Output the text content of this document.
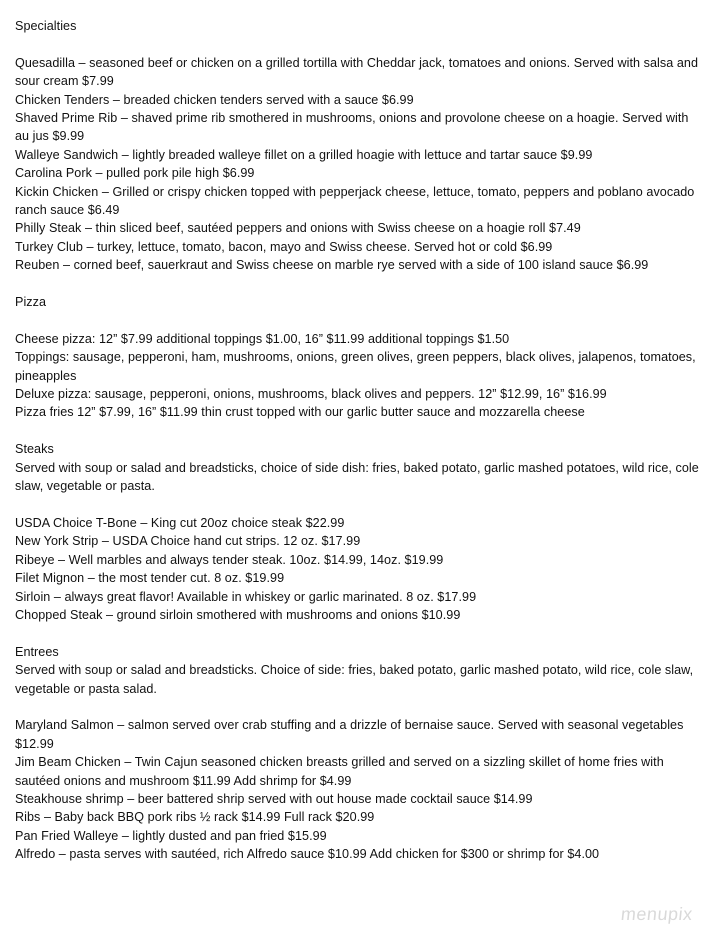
Specialties

Quesadilla – seasoned beef or chicken on a grilled tortilla with Cheddar jack, tomatoes and onions. Served with salsa and sour cream $7.99

Chicken Tenders – breaded chicken tenders served with a sauce $6.99

Shaved Prime Rib – shaved prime rib smothered in mushrooms, onions and provolone cheese on a hoagie. Served with au jus $9.99

Walleye Sandwich – lightly breaded walleye fillet on a grilled hoagie with lettuce and tartar sauce $9.99

Carolina Pork – pulled pork pile high $6.99

Kickin Chicken – Grilled or crispy chicken topped with pepperjack cheese, lettuce, tomato, peppers and poblano avocado ranch sauce $6.49

Philly Steak – thin sliced beef, sautéed peppers and onions with Swiss cheese on a hoagie roll $7.49

Turkey Club – turkey, lettuce, tomato, bacon, mayo and Swiss cheese. Served hot or cold $6.99

Reuben – corned beef, sauerkraut and Swiss cheese on marble rye served with a side of 100 island sauce $6.99

Pizza

Cheese pizza: 12” $7.99 additional toppings $1.00, 16” $11.99 additional toppings $1.50

Toppings: sausage, pepperoni, ham, mushrooms, onions, green olives, green peppers, black olives, jalapenos, tomatoes, pineapples

Deluxe pizza: sausage, pepperoni, onions, mushrooms, black olives and peppers. 12” $12.99, 16” $16.99

Pizza fries 12” $7.99, 16” $11.99 thin crust topped with our garlic butter sauce and mozzarella cheese

Steaks

Served with soup or salad and breadsticks, choice of side dish: fries, baked potato, garlic mashed potatoes, wild rice, cole slaw, vegetable or pasta.

USDA Choice T-Bone – King cut 20oz choice steak $22.99

New York Strip – USDA Choice hand cut strips. 12 oz. $17.99

Ribeye – Well marbles and always tender steak. 10oz. $14.99, 14oz. $19.99

Filet Mignon – the most tender cut. 8 oz. $19.99

Sirloin – always great flavor! Available in whiskey or garlic marinated. 8 oz. $17.99

Chopped Steak – ground sirloin smothered with mushrooms and onions $10.99

Entrees

Served with soup or salad and breadsticks. Choice of side: fries, baked potato, garlic mashed potato, wild rice, cole slaw, vegetable or pasta salad.

Maryland Salmon – salmon served over crab stuffing and a drizzle of bernaise sauce. Served with seasonal vegetables $12.99

Jim Beam Chicken – Twin Cajun seasoned chicken breasts grilled and served on a sizzling skillet of home fries with sautéed onions and mushroom $11.99 Add shrimp for $4.99

Steakhouse shrimp – beer battered shrip served with out house made cocktail sauce $14.99

Ribs – Baby back BBQ pork ribs ½ rack $14.99 Full rack $20.99

Pan Fried Walleye – lightly dusted and pan fried $15.99

Alfredo – pasta serves with sautéed, rich Alfredo sauce $10.99 Add chicken for $300 or shrimp for $4.00

menupix
